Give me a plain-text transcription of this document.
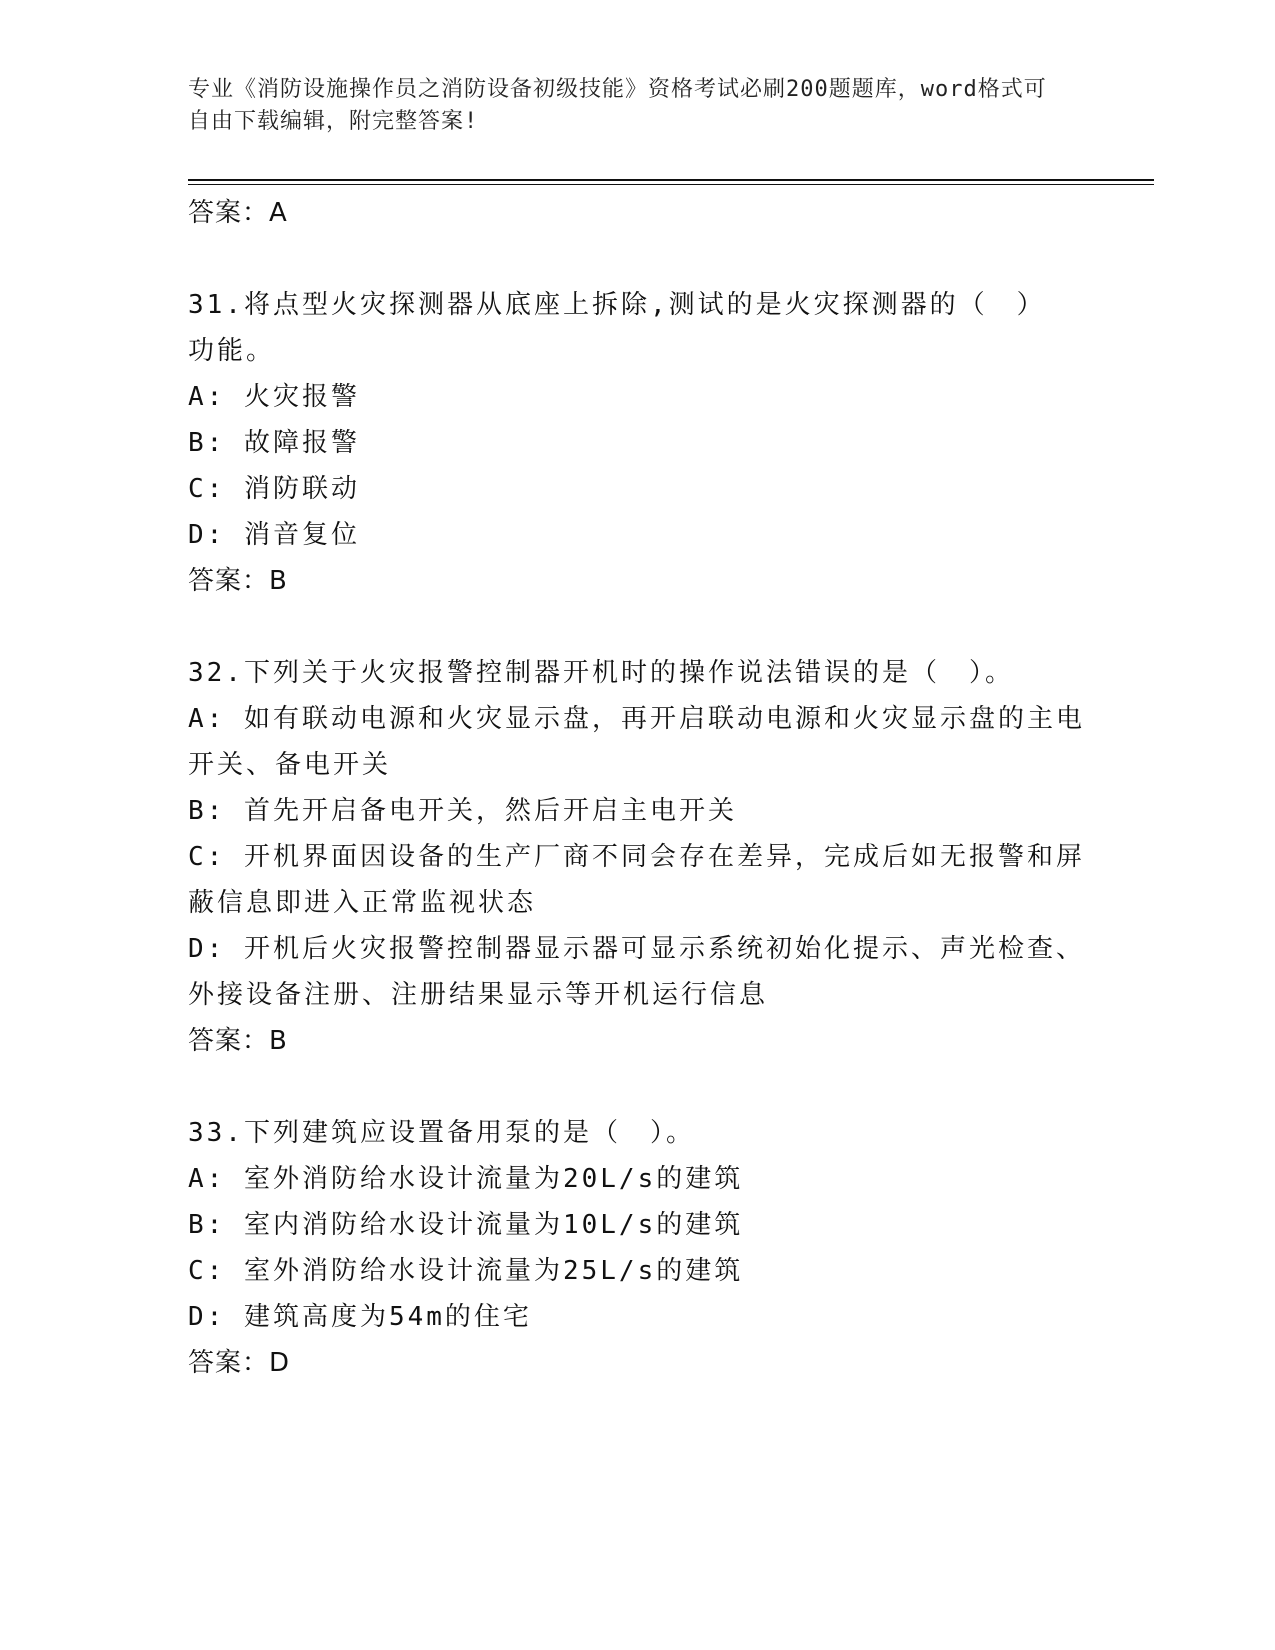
专业《消防设施操作员之消防设备初级技能》资格考试必刷200题题库，word格式可自由下载编辑，附完整答案!
答案：A
31.将点型火灾探测器从底座上拆除,测试的是火灾探测器的（　）功能。
A: 火灾报警
B: 故障报警
C: 消防联动
D: 消音复位
答案：B
32.下列关于火灾报警控制器开机时的操作说法错误的是（　）。
A: 如有联动电源和火灾显示盘，再开启联动电源和火灾显示盘的主电开关、备电开关
B: 首先开启备电开关，然后开启主电开关
C: 开机界面因设备的生产厂商不同会存在差异，完成后如无报警和屏蔽信息即进入正常监视状态
D: 开机后火灾报警控制器显示器可显示系统初始化提示、声光检查、外接设备注册、注册结果显示等开机运行信息
答案：B
33.下列建筑应设置备用泵的是（　）。
A: 室外消防给水设计流量为20L/s的建筑
B: 室内消防给水设计流量为10L/s的建筑
C: 室外消防给水设计流量为25L/s的建筑
D: 建筑高度为54m的住宅
答案：D
